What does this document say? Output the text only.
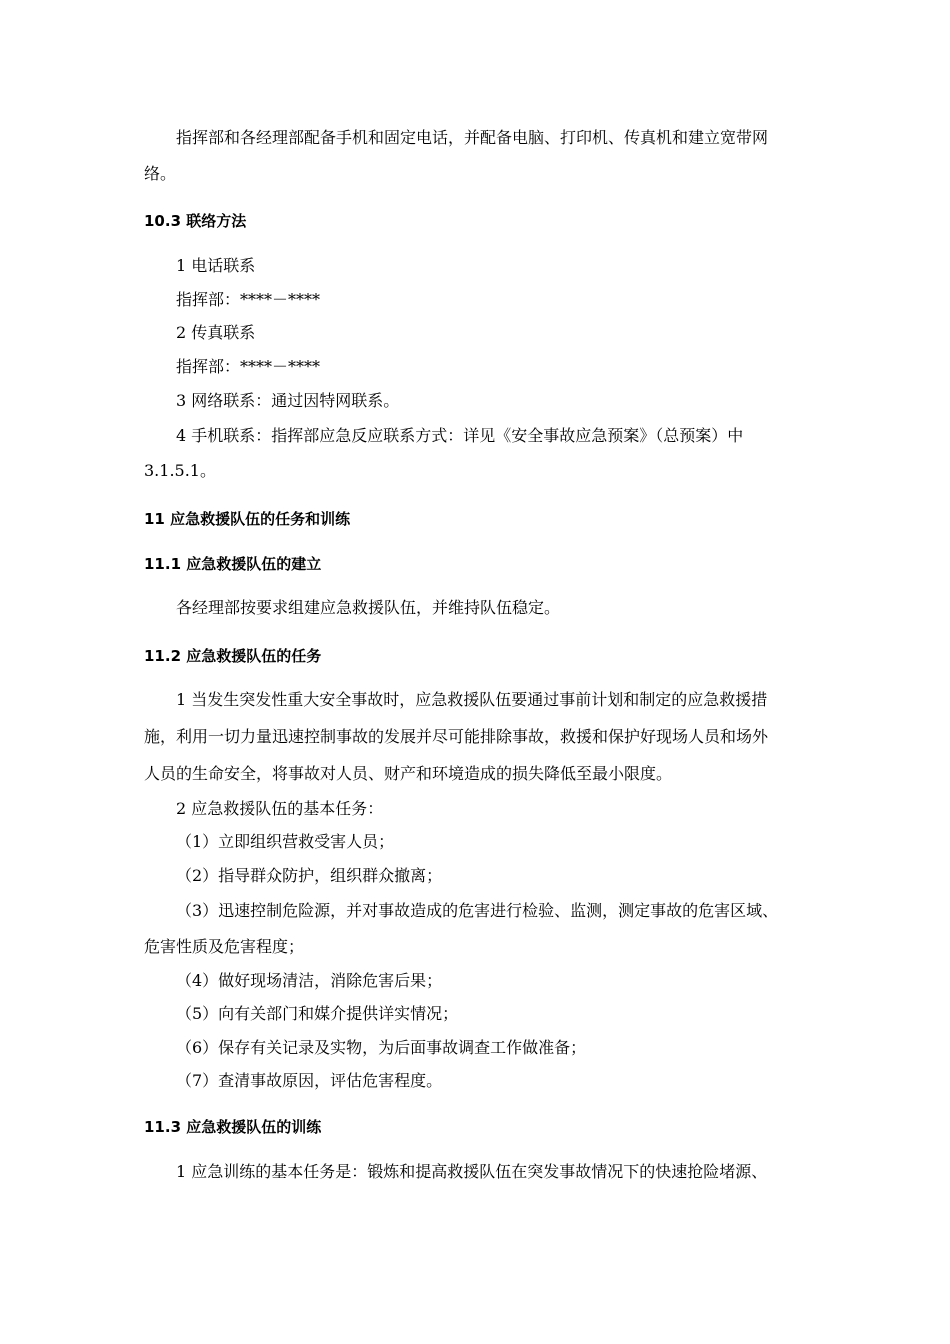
指挥部和各经理部配备手机和固定电话，并配备电脑、打印机、传真机和建立宽带网
络。
10.3 联络方法
1 电话联系
指挥部：****－****
2 传真联系
指挥部：****－****
3 网络联系：通过因特网联系。
4 手机联系：指挥部应急反应联系方式：详见《安全事故应急预案》（总预案）中
3.1.5.1。
11 应急救援队伍的任务和训练
11.1 应急救援队伍的建立
各经理部按要求组建应急救援队伍，并维持队伍稳定。
11.2 应急救援队伍的任务
1 当发生突发性重大安全事故时，应急救援队伍要通过事前计划和制定的应急救援措
施，利用一切力量迅速控制事故的发展并尽可能排除事故，救援和保护好现场人员和场外
人员的生命安全，将事故对人员、财产和环境造成的损失降低至最小限度。
2 应急救援队伍的基本任务：
（1）立即组织营救受害人员；
（2）指导群众防护，组织群众撤离；
（3）迅速控制危险源，并对事故造成的危害进行检验、监测，测定事故的危害区域、
危害性质及危害程度；
（4）做好现场清洁，消除危害后果；
（5）向有关部门和媒介提供详实情况；
（6）保存有关记录及实物，为后面事故调查工作做准备；
（7）查清事故原因，评估危害程度。
11.3 应急救援队伍的训练
1 应急训练的基本任务是：锻炼和提高救援队伍在突发事故情况下的快速抢险堵源、
